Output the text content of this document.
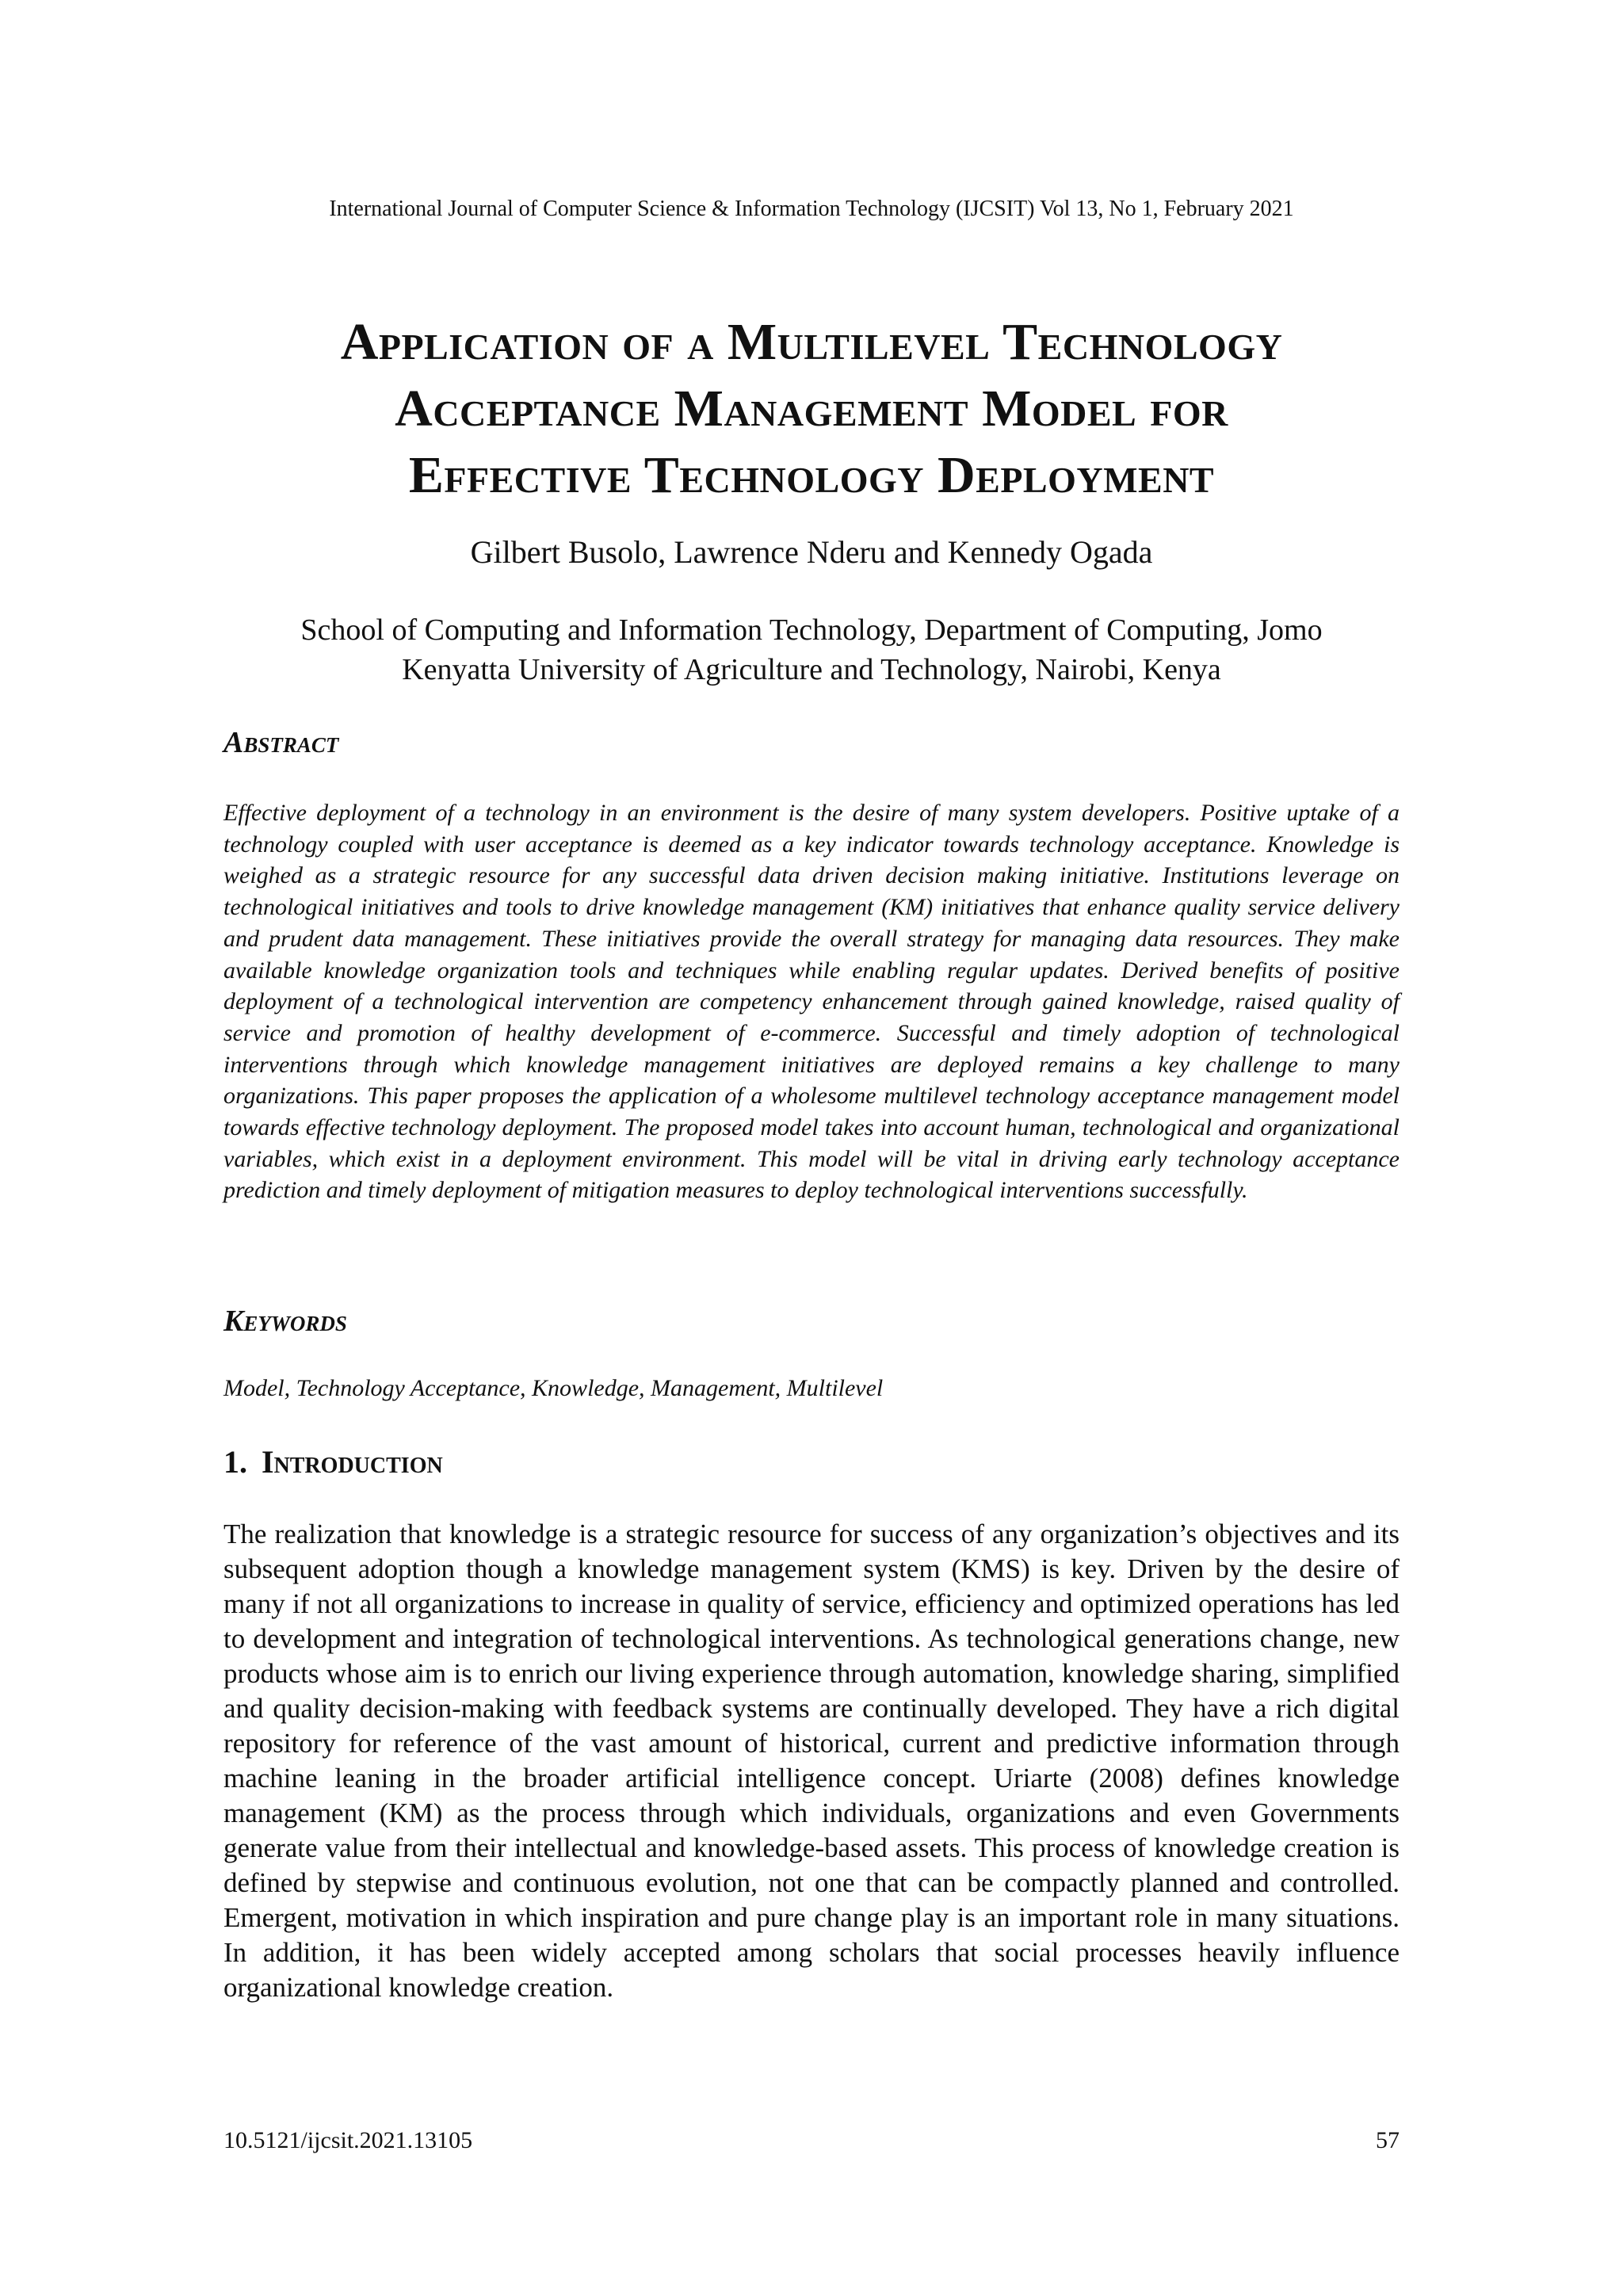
International Journal of Computer Science & Information Technology (IJCSIT) Vol 13, No 1, February 2021
Application of a Multilevel Technology
Acceptance Management Model for
Effective Technology Deployment
Gilbert Busolo, Lawrence Nderu and Kennedy Ogada
School of Computing and Information Technology, Department of Computing, Jomo
Kenyatta University of Agriculture and Technology, Nairobi, Kenya
Abstract

Effective deployment of a technology in an environment is the desire of many system developers. Positive uptake of a technology coupled with user acceptance is deemed as a key indicator towards technology acceptance. Knowledge is weighed as a strategic resource for any successful data driven decision making initiative. Institutions leverage on technological initiatives and tools to drive knowledge management (KM) initiatives that enhance quality service delivery and prudent data management. These initiatives provide the overall strategy for managing data resources. They make available knowledge organization tools and techniques while enabling regular updates. Derived benefits of positive deployment of a technological intervention are competency enhancement through gained knowledge, raised quality of service and promotion of healthy development of e-commerce. Successful and timely adoption of technological interventions through which knowledge management initiatives are deployed remains a key challenge to many organizations. This paper proposes the application of a wholesome multilevel technology acceptance management model towards effective technology deployment. The proposed model takes into account human, technological and organizational variables, which exist in a deployment environment. This model will be vital in driving early technology acceptance prediction and timely deployment of mitigation measures to deploy technological interventions successfully.

Keywords

Model, Technology Acceptance, Knowledge, Management, Multilevel

1. Introduction

The realization that knowledge is a strategic resource for success of any organization’s objectives and its subsequent adoption though a knowledge management system (KMS) is key. Driven by the desire of many if not all organizations to increase in quality of service, efficiency and optimized operations has led to development and integration of technological interventions. As technological generations change, new products whose aim is to enrich our living experience through automation, knowledge sharing, simplified and quality decision-making with feedback systems are continually developed. They have a rich digital repository for reference of the vast amount of historical, current and predictive information through machine leaning in the broader artificial intelligence concept. Uriarte (2008) defines knowledge management (KM) as the process through which individuals, organizations and even Governments generate value from their intellectual and knowledge-based assets. This process of knowledge creation is defined by stepwise and continuous evolution, not one that can be compactly planned and controlled. Emergent, motivation in which inspiration and pure change play is an important role in many situations. In addition, it has been widely accepted among scholars that social processes heavily influence organizational knowledge creation.

10.5121/ijcsit.2021.13105	57
